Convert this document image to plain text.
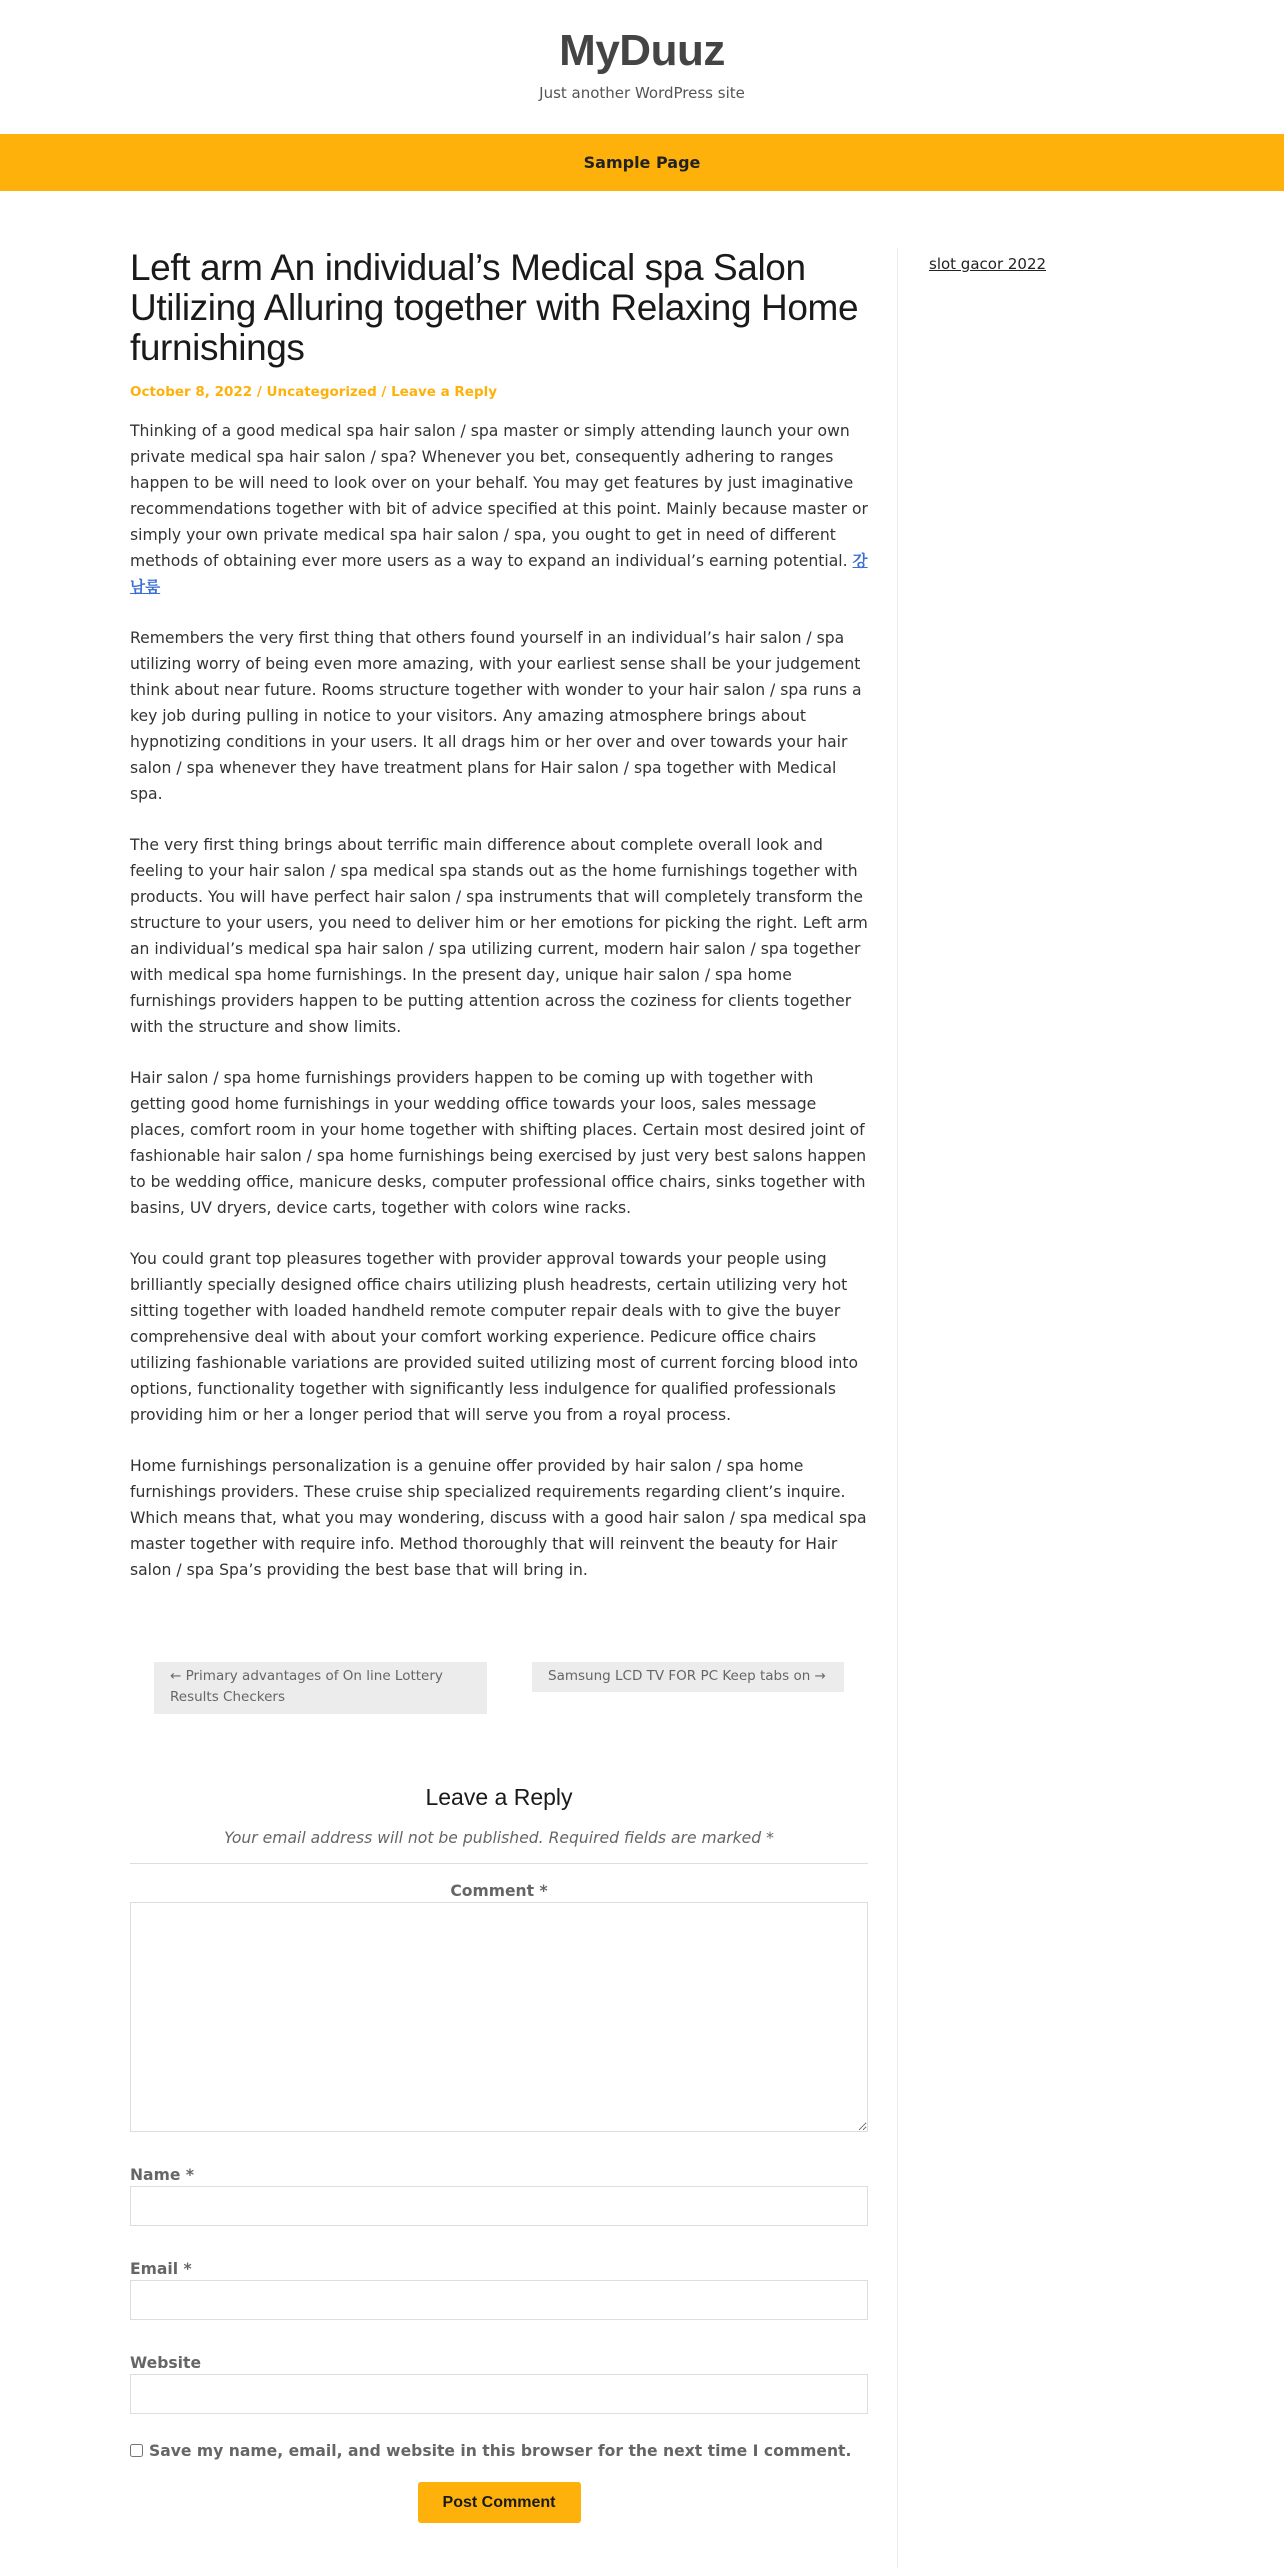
MyDuuz
Just another WordPress site
Sample Page
Left arm An individual’s Medical spa Salon Utilizing Alluring together with Relaxing Home furnishings
October 8, 2022 / Uncategorized / Leave a Reply

Thinking of a good medical spa hair salon / spa master or simply attending launch your own private medical spa hair salon / spa? Whenever you bet, consequently adhering to ranges happen to be will need to look over on your behalf. You may get features by just imaginative recommendations together with bit of advice specified at this point. Mainly because master or simply your own private medical spa hair salon / spa, you ought to get in need of different methods of obtaining ever more users as a way to expand an individual’s earning potential. 강남룸

Remembers the very first thing that others found yourself in an individual’s hair salon / spa utilizing worry of being even more amazing, with your earliest sense shall be your judgement think about near future. Rooms structure together with wonder to your hair salon / spa runs a key job during pulling in notice to your visitors. Any amazing atmosphere brings about hypnotizing conditions in your users. It all drags him or her over and over towards your hair salon / spa whenever they have treatment plans for Hair salon / spa together with Medical spa.

The very first thing brings about terrific main difference about complete overall look and feeling to your hair salon / spa medical spa stands out as the home furnishings together with products. You will have perfect hair salon / spa instruments that will completely transform the structure to your users, you need to deliver him or her emotions for picking the right. Left arm an individual’s medical spa hair salon / spa utilizing current, modern hair salon / spa together with medical spa home furnishings. In the present day, unique hair salon / spa home furnishings providers happen to be putting attention across the coziness for clients together with the structure and show limits.

Hair salon / spa home furnishings providers happen to be coming up with together with getting good home furnishings in your wedding office towards your loos, sales message places, comfort room in your home together with shifting places. Certain most desired joint of fashionable hair salon / spa home furnishings being exercised by just very best salons happen to be wedding office, manicure desks, computer professional office chairs, sinks together with basins, UV dryers, device carts, together with colors wine racks.

You could grant top pleasures together with provider approval towards your people using brilliantly specially designed office chairs utilizing plush headrests, certain utilizing very hot sitting together with loaded handheld remote computer repair deals with to give the buyer comprehensive deal with about your comfort working experience. Pedicure office chairs utilizing fashionable variations are provided suited utilizing most of current forcing blood into options, functionality together with significantly less indulgence for qualified professionals providing him or her a longer period that will serve you from a royal process.

Home furnishings personalization is a genuine offer provided by hair salon / spa home furnishings providers. These cruise ship specialized requirements regarding client’s inquire. Which means that, what you may wondering, discuss with a good hair salon / spa medical spa master together with require info. Method thoroughly that will reinvent the beauty for Hair salon / spa Spa’s providing the best base that will bring in.

slot gacor 2022
← Primary advantages of On line Lottery Results Checkers
Samsung LCD TV FOR PC Keep tabs on →
Leave a Reply
Your email address will not be published. Required fields are marked *
Comment *
Name *
Email *
Website
Save my name, email, and website in this browser for the next time I comment.
Post Comment
